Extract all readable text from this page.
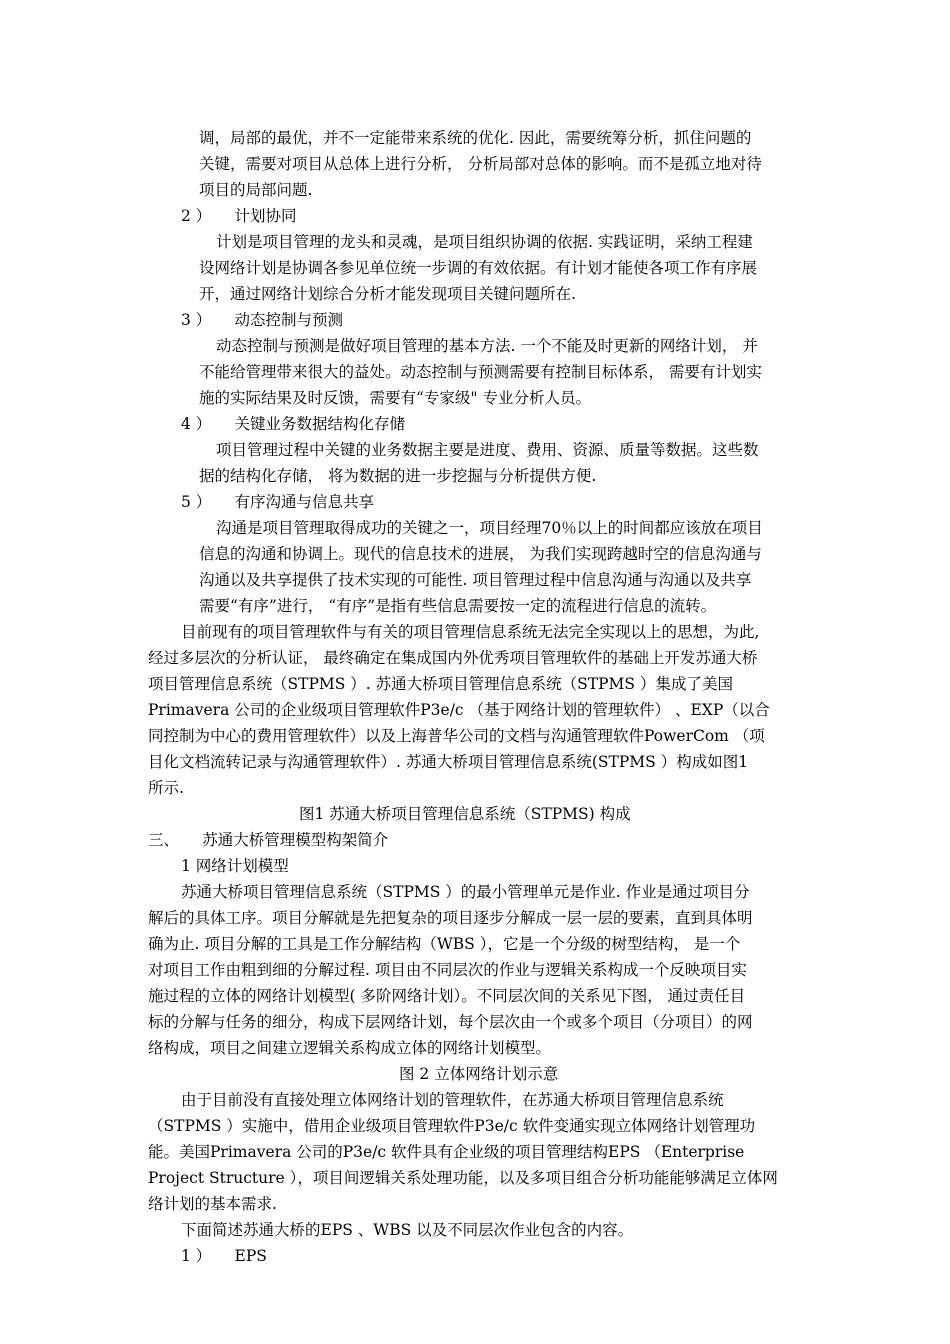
调，局部的最优，并不一定能带来系统的优化. 因此，需要统筹分析，抓住问题的
关键，需要对项目从总体上进行分析， 分析局部对总体的影响。而不是孤立地对待
项目的局部问题.
2 ）　　计划协同
计划是项目管理的龙头和灵魂，是项目组织协调的依据. 实践证明，采纳工程建
设网络计划是协调各参见单位统一步调的有效依据。有计划才能使各项工作有序展
开，通过网络计划综合分析才能发现项目关键问题所在.
3 ）　　动态控制与预测
动态控制与预测是做好项目管理的基本方法. 一个不能及时更新的网络计划， 并
不能给管理带来很大的益处。动态控制与预测需要有控制目标体系， 需要有计划实
施的实际结果及时反馈，需要有“专家级" 专业分析人员。
4 ）　　关键业务数据结构化存储
项目管理过程中关键的业务数据主要是进度、费用、资源、质量等数据。这些数
据的结构化存储， 将为数据的进一步挖掘与分析提供方便.
5 ）　　有序沟通与信息共享
沟通是项目管理取得成功的关键之一，项目经理70％以上的时间都应该放在项目
信息的沟通和协调上。现代的信息技术的进展， 为我们实现跨越时空的信息沟通与
沟通以及共享提供了技术实现的可能性. 项目管理过程中信息沟通与沟通以及共享
需要“有序”进行， “有序”是指有些信息需要按一定的流程进行信息的流转。
目前现有的项目管理软件与有关的项目管理信息系统无法完全实现以上的思想，为此,
经过多层次的分析认证， 最终确定在集成国内外优秀项目管理软件的基础上开发苏通大桥
项目管理信息系统（STPMS ）. 苏通大桥项目管理信息系统（STPMS ）集成了美国
Primavera 公司的企业级项目管理软件P3e/c （基于网络计划的管理软件） 、EXP（以合
同控制为中心的费用管理软件）以及上海普华公司的文档与沟通管理软件PowerCom （项
目化文档流转记录与沟通管理软件）. 苏通大桥项目管理信息系统(STPMS ）构成如图1
所示.
图1 苏通大桥项目管理信息系统（STPMS) 构成
三、　　苏通大桥管理模型构架简介
1 网络计划模型
苏通大桥项目管理信息系统（STPMS ）的最小管理单元是作业. 作业是通过项目分
解后的具体工序。项目分解就是先把复杂的项目逐步分解成一层一层的要素，直到具体明
确为止. 项目分解的工具是工作分解结构（WBS ），它是一个分级的树型结构， 是一个
对项目工作由粗到细的分解过程. 项目由不同层次的作业与逻辑关系构成一个反映项目实
施过程的立体的网络计划模型( 多阶网络计划）。不同层次间的关系见下图， 通过责任目
标的分解与任务的细分，构成下层网络计划，每个层次由一个或多个项目（分项目）的网
络构成，项目之间建立逻辑关系构成立体的网络计划模型。
图 2 立体网络计划示意
由于目前没有直接处理立体网络计划的管理软件，在苏通大桥项目管理信息系统
（STPMS ）实施中，借用企业级项目管理软件P3e/c 软件变通实现立体网络计划管理功
能。美国Primavera 公司的P3e/c 软件具有企业级的项目管理结构EPS （Enterprise
Project Structure ），项目间逻辑关系处理功能，以及多项目组合分析功能能够满足立体网
络计划的基本需求.
下面简述苏通大桥的EPS 、WBS 以及不同层次作业包含的内容。
1 ）　　EPS
